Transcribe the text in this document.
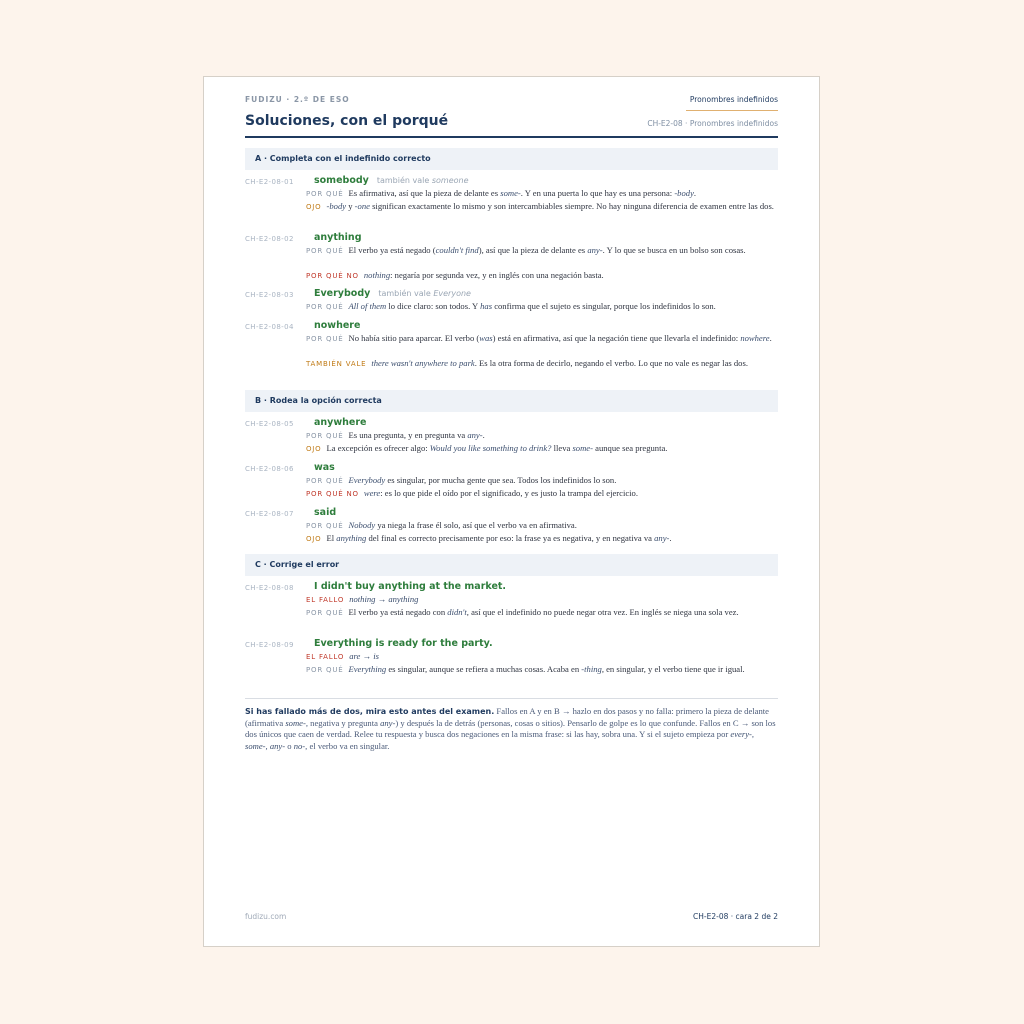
FUDIZU · 2.º DE ESO	Pronombres indefinidos
Soluciones, con el porqué	CH-E2-08 · Pronombres indefinidos
A · Completa con el indefinido correcto
CH-E2-08-01 somebody también vale someone
POR QUÉ Es afirmativa, así que la pieza de delante es some-. Y en una puerta lo que hay es una persona: -body.
OJO -body y -one significan exactamente lo mismo y son intercambiables siempre. No hay ninguna diferencia de examen entre las dos.
CH-E2-08-02 anything
POR QUÉ El verbo ya está negado (couldn't find), así que la pieza de delante es any-. Y lo que se busca en un bolso son cosas.
POR QUÉ NO nothing: negaría por segunda vez, y en inglés con una negación basta.
CH-E2-08-03 Everybody también vale Everyone
POR QUÉ All of them lo dice claro: son todos. Y has confirma que el sujeto es singular, porque los indefinidos lo son.
CH-E2-08-04 nowhere
POR QUÉ No había sitio para aparcar. El verbo (was) está en afirmativa, así que la negación tiene que llevarla el indefinido: nowhere.
TAMBIÉN VALE there wasn't anywhere to park. Es la otra forma de decirlo, negando el verbo. Lo que no vale es negar las dos.
B · Rodea la opción correcta
CH-E2-08-05 anywhere
POR QUÉ Es una pregunta, y en pregunta va any-.
OJO La excepción es ofrecer algo: Would you like something to drink? lleva some- aunque sea pregunta.
CH-E2-08-06 was
POR QUÉ Everybody es singular, por mucha gente que sea. Todos los indefinidos lo son.
POR QUÉ NO were: es lo que pide el oído por el significado, y es justo la trampa del ejercicio.
CH-E2-08-07 said
POR QUÉ Nobody ya niega la frase él solo, así que el verbo va en afirmativa.
OJO El anything del final es correcto precisamente por eso: la frase ya es negativa, y en negativa va any-.
C · Corrige el error
CH-E2-08-08 I didn't buy anything at the market.
EL FALLO nothing → anything
POR QUÉ El verbo ya está negado con didn't, así que el indefinido no puede negar otra vez. En inglés se niega una sola vez.
CH-E2-08-09 Everything is ready for the party.
EL FALLO are → is
POR QUÉ Everything es singular, aunque se refiera a muchas cosas. Acaba en -thing, en singular, y el verbo tiene que ir igual.
Si has fallado más de dos, mira esto antes del examen. Fallos en A y en B → hazlo en dos pasos y no falla: primero la pieza de delante (afirmativa some-, negativa y pregunta any-) y después la de detrás (personas, cosas o sitios). Pensarlo de golpe es lo que confunde. Fallos en C → son los dos únicos que caen de verdad. Relee tu respuesta y busca dos negaciones en la misma frase: si las hay, sobra una. Y si el sujeto empieza por every-, some-, any- o no-, el verbo va en singular.
fudizu.com	CH-E2-08 · cara 2 de 2
